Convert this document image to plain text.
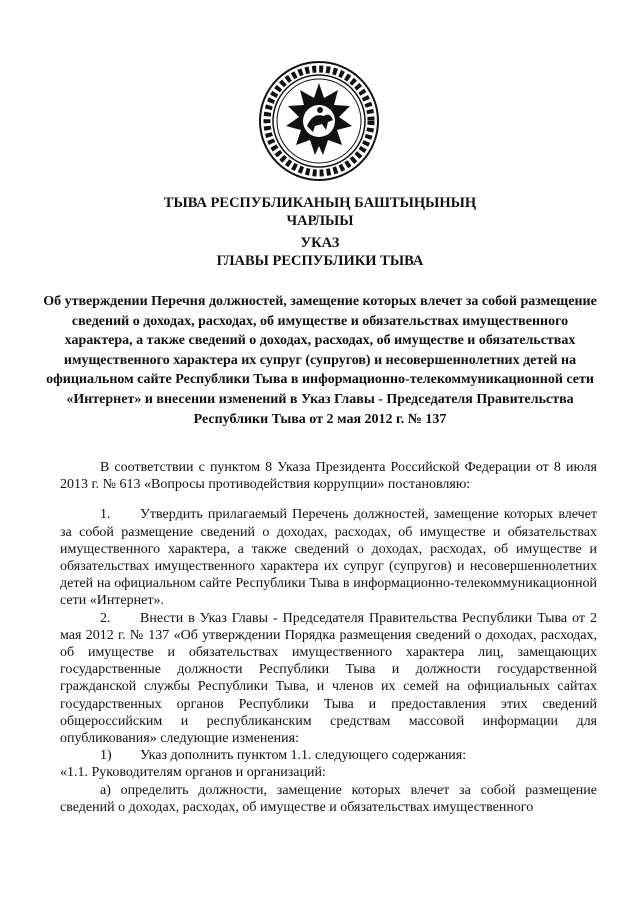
ТЫВА РЕСПУБЛИКАНЫҢ БАШТЫҢЫНЫҢ
ЧАРЛЫЫ
УКАЗ
ГЛАВЫ РЕСПУБЛИКИ ТЫВА
Об утверждении Перечня должностей, замещение которых влечет за собой размещение сведений о доходах, расходах, об имуществе и обязательствах имущественного характера, а также сведений о доходах, расходах, об имуществе и обязательствах имущественного характера их супруг (супругов) и несовершеннолетних детей на официальном сайте Республики Тыва в информационно-телекоммуникационной сети «Интернет» и внесении изменений в Указ Главы - Председателя Правительства Республики Тыва от 2 мая 2012 г. № 137

В соответствии с пунктом 8 Указа Президента Российской Федерации от 8 июля 2013 г. № 613 «Вопросы противодействия коррупции» постановляю:

1. Утвердить прилагаемый Перечень должностей, замещение которых влечет за собой размещение сведений о доходах, расходах, об имуществе и обязательствах имущественного характера, а также сведений о доходах, расходах, об имуществе и обязательствах имущественного характера их супруг (супругов) и несовершеннолетних детей на официальном сайте Республики Тыва в информационно-телекоммуникационной сети «Интернет».

2. Внести в Указ Главы - Председателя Правительства Республики Тыва от 2 мая 2012 г. № 137 «Об утверждении Порядка размещения сведений о доходах, расходах, об имуществе и обязательствах имущественного характера лиц, замещающих государственные должности Республики Тыва и должности государственной гражданской службы Республики Тыва, и членов их семей на официальных сайтах государственных органов Республики Тыва и предоставления этих сведений общероссийским и республиканским средствам массовой информации для опубликования» следующие изменения:

1) Указ дополнить пунктом 1.1. следующего содержания:

«1.1. Руководителям органов и организаций:

а) определить должности, замещение которых влечет за собой размещение сведений о доходах, расходах, об имуществе и обязательствах имущественного
